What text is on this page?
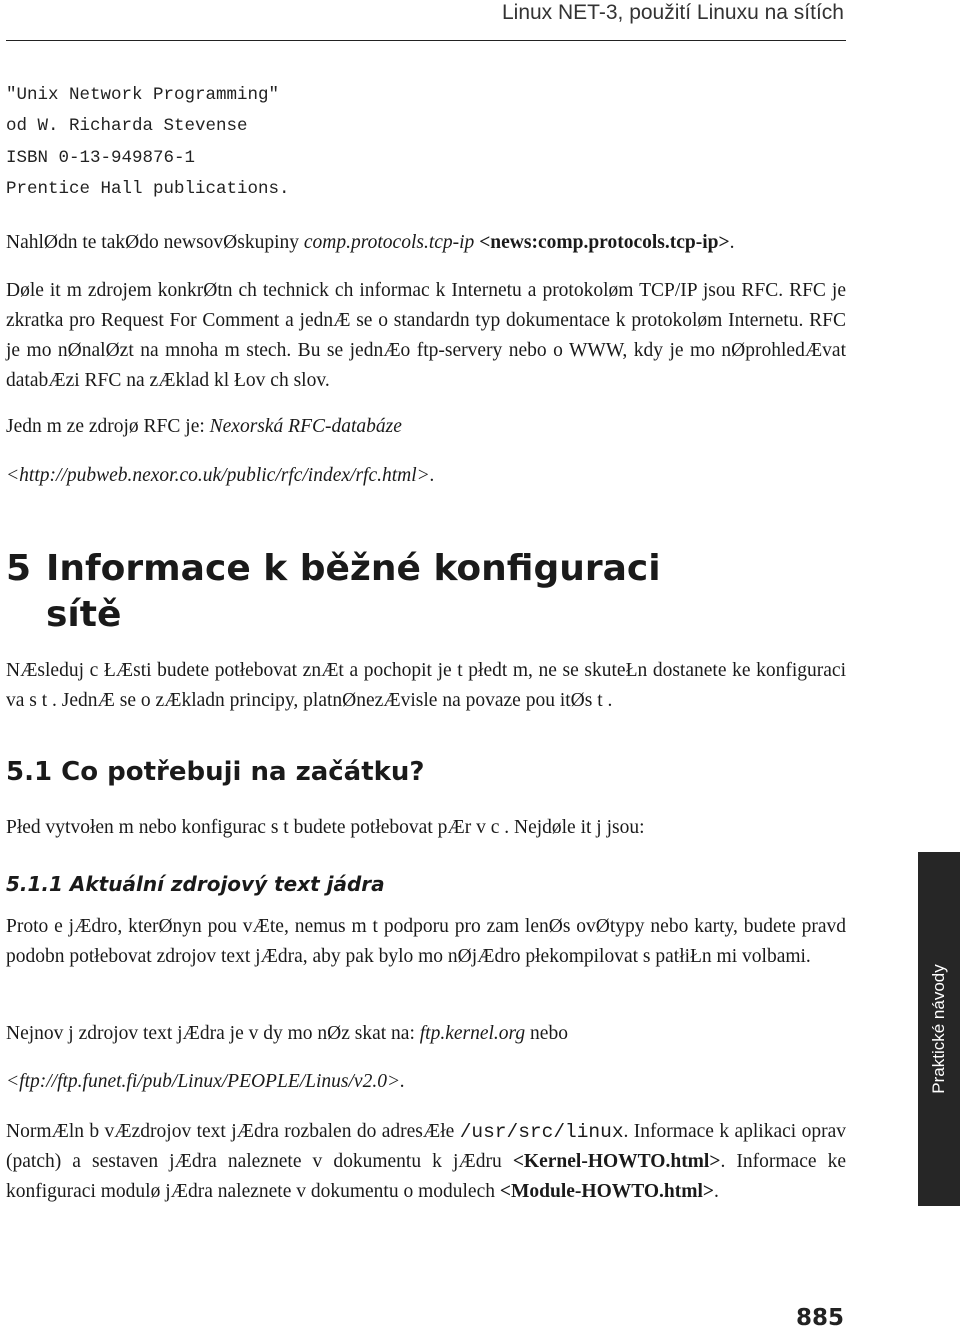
Linux NET-3, použití Linuxu na sítích
"Unix Network Programming"
od W. Richarda Stevense
ISBN 0-13-949876-1
Prentice Hall publications.

NahlØdn te takØdo newsovØskupiny comp.protocols.tcp-ip <news:comp.protocols.tcp-ip>.

Døle it m zdrojem konkrØtn ch technick ch informac k Internetu a protokoløm TCP/IP jsou RFC. RFC je zkratka pro Request For Comment a jednÆ se o standardn typ dokumentace k protokoløm Internetu. RFC je mo nØnalØzt na mnoha m stech. Bu se jednÆo ftp-servery nebo o WWW, kdy je mo nØprohledÆvat databÆzi RFC na zÆklad kl Łov ch slov.

Jedn m ze zdrojø RFC je: Nexorská RFC-databáze

<http://pubweb.nexor.co.uk/public/rfc/index/rfc.html>.

5 Informace k běžné konfiguraci
sítě

NÆsleduj c ŁÆsti budete potłebovat znÆt a pochopit je t płedt m, ne se skuteŁn dostanete ke konfiguraci va s t . JednÆ se o zÆkladn principy, platnØnezÆvisle na povaze pou itØs t .

5.1 Co potřebuji na začátku?

Płed vytvołen m nebo konfigurac s t budete potłebovat pÆr v c . Nejdøle it j jsou:

5.1.1 Aktuální zdrojový text jádra

Proto e jÆdro, kterØnyn pou vÆte, nemus m t podporu pro zam lenØs ovØtypy nebo karty, budete pravd podobn potłebovat zdrojov text jÆdra, aby pak bylo mo nØjÆdro płekompilovat s patłiŁn mi volbami.

Nejnov j zdrojov text jÆdra je v dy mo nØz skat na: ftp.kernel.org nebo

<ftp://ftp.funet.fi/pub/Linux/PEOPLE/Linus/v2.0>.

NormÆln b vÆzdrojov text jÆdra rozbalen do adresÆłe /usr/src/linux. Informace k aplikaci oprav (patch) a sestaven jÆdra naleznete v dokumentu k jÆdru <Kernel-HOWTO.html>. Informace ke konfiguraci modulø jÆdra naleznete v dokumentu o modulech <Module-HOWTO.html>.

Praktické návody
885
